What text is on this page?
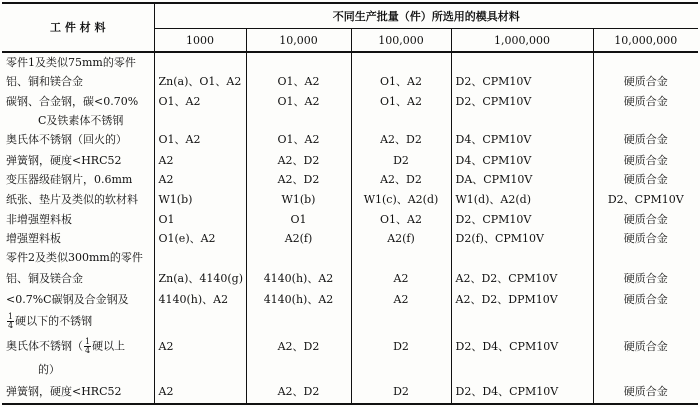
工 件 材 料	不同生产批量（件）所选用的模具材料				
	1000	10,000	100,000	1,000,000	10,000,000
零件1及类似75mm的零件					
铝、铜和镁合金	Zn(a)、O1、A2	O1、A2	O1、A2	D2、CPM10V	硬质合金
碳钢、合金钢，碳<0.70%	O1、A2	O1、A2	O1、A2	D2、CPM10V	硬质合金
C及铁素体不锈钢					
奥氏体不锈钢（回火的）	O1、A2	O1、A2	A2、D2	D4、CPM10V	硬质合金
弹簧钢，硬度<HRC52	A2	A2、D2	D2	D4、CPM10V	硬质合金
变压器级硅钢片，0.6mm	A2	A2、D2	A2、D2	DA、CPM10V	硬质合金
纸张、垫片及类似的软材料	W1(b)	W1(b)	W1(c)、A2(d)	W1(d)、A2(d)	D2、CPM10V
非增强塑料板	O1	O1	O1、A2	D2、CPM10V	硬质合金
增强塑料板	O1(e)、A2	A2(f)	A2(f)	D2(f)、CPM10V	硬质合金
零件2及类似300mm的零件					
铝、铜及镁合金	Zn(a)、4140(g)	4140(h)、A2	A2	A2、D2、CPM10V	硬质合金
<0.7%C碳钢及合金钢及	4140(h)、A2	4140(h)、A2	A2	A2、D2、DPM10V	硬质合金

$\frac{1}{4}$ 硬以下的不锈钢					
奥氏体不锈钢（ $\frac{1}{4}$ 硬以上	A2	A2、D2	D2	D2、D4、CPM10V	硬质合金
的）					
弹簧钢，硬度<HRC52	A2	A2、D2	D2	D2、D4、CPM10V	硬质合金
